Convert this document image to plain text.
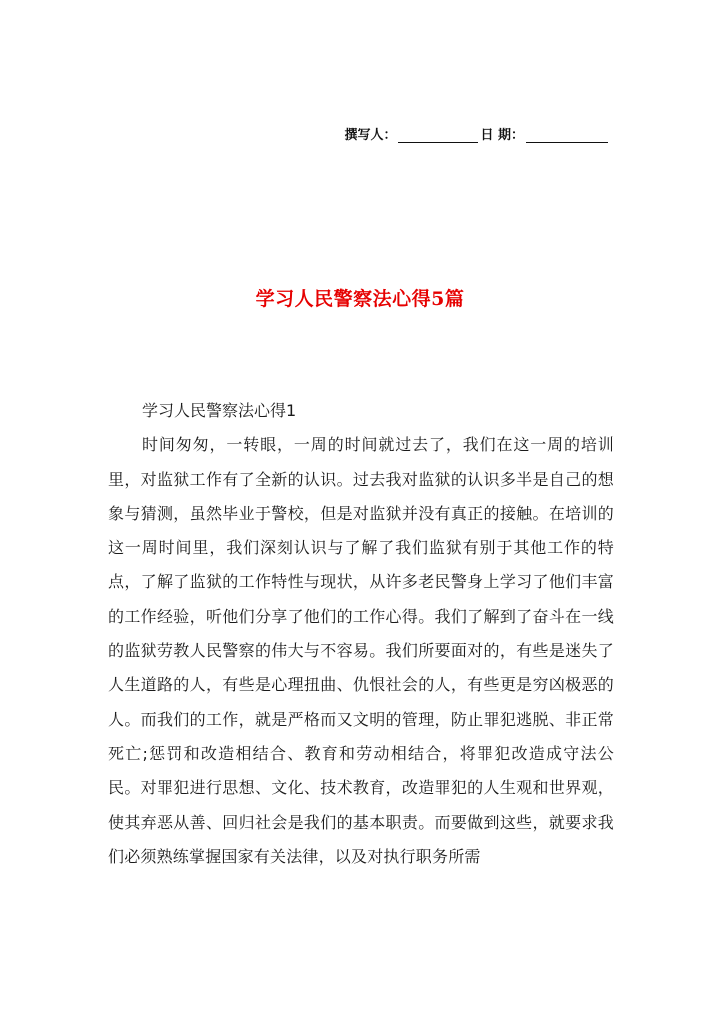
撰写人：	日 期：
学习人民警察法心得5篇

学习人民警察法心得1

时间匆匆，一转眼，一周的时间就过去了，我们在这一周的培训里，对监狱工作有了全新的认识。过去我对监狱的认识多半是自己的想象与猜测，虽然毕业于警校，但是对监狱并没有真正的接触。在培训的这一周时间里，我们深刻认识与了解了我们监狱有别于其他工作的特点，了解了监狱的工作特性与现状，从许多老民警身上学习了他们丰富的工作经验，听他们分享了他们的工作心得。我们了解到了奋斗在一线的监狱劳教人民警察的伟大与不容易。我们所要面对的，有些是迷失了人生道路的人，有些是心理扭曲、仇恨社会的人，有些更是穷凶极恶的人。而我们的工作，就是严格而又文明的管理，防止罪犯逃脱、非正常死亡;惩罚和改造相结合、教育和劳动相结合，将罪犯改造成守法公民。对罪犯进行思想、文化、技术教育，改造罪犯的人生观和世界观，使其弃恶从善、回归社会是我们的基本职责。而要做到这些，就要求我们必须熟练掌握国家有关法律，以及对执行职务所需
